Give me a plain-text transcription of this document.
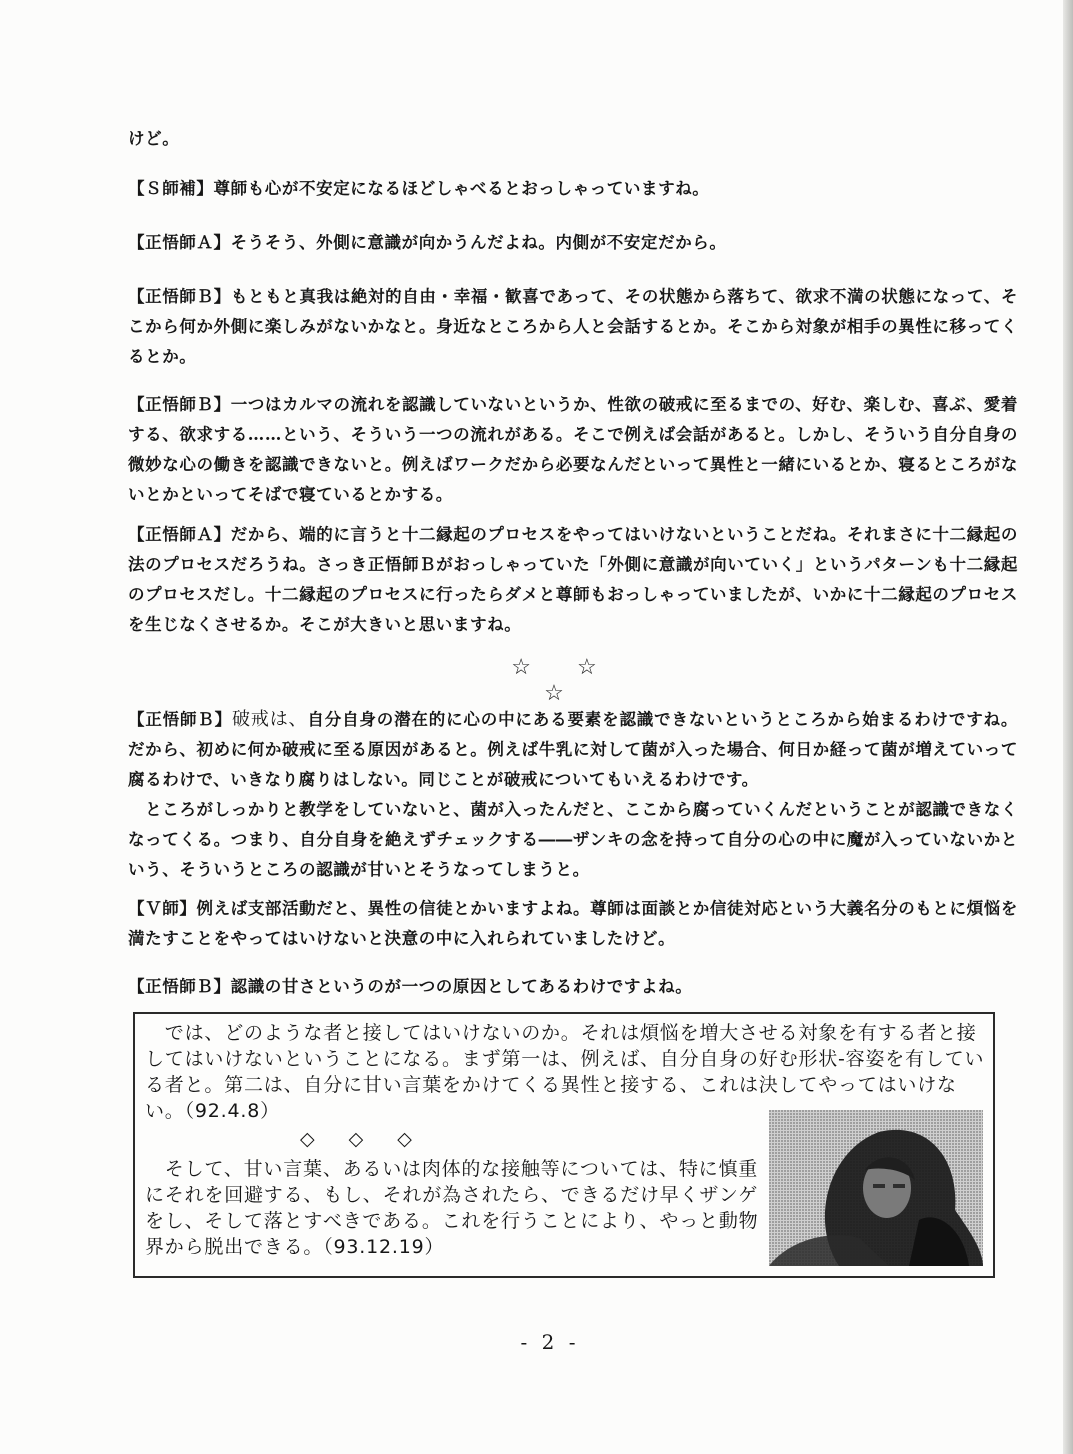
けど。

【Ｓ師補】尊師も心が不安定になるほどしゃべるとおっしゃっていますね。

【正悟師Ａ】そうそう、外側に意識が向かうんだよね。内側が不安定だから。

【正悟師Ｂ】もともと真我は絶対的自由・幸福・歓喜であって、その状態から落ちて、欲求不満の状態になって、そこから何か外側に楽しみがないかなと。身近なところから人と会話するとか。そこから対象が相手の異性に移ってくるとか。

【正悟師Ｂ】一つはカルマの流れを認識していないというか、性欲の破戒に至るまでの、好む、楽しむ、喜ぶ、愛着する、欲求する……という、そういう一つの流れがある。そこで例えば会話があると。しかし、そういう自分自身の微妙な心の働きを認識できないと。例えばワークだから必要なんだといって異性と一緒にいるとか、寝るところがないとかといってそばで寝ているとかする。

【正悟師Ａ】だから、端的に言うと十二縁起のプロセスをやってはいけないということだね。それまさに十二縁起の法のプロセスだろうね。さっき正悟師Ｂがおっしゃっていた「外側に意識が向いていく」というパターンも十二縁起のプロセスだし。十二縁起のプロセスに行ったらダメと尊師もおっしゃっていましたが、いかに十二縁起のプロセスを生じなくさせるか。そこが大きいと思いますね。

☆　☆　☆

【正悟師Ｂ】破戒は、自分自身の潜在的に心の中にある要素を認識できないというところから始まるわけですね。だから、初めに何か破戒に至る原因があると。例えば牛乳に対して菌が入った場合、何日か経って菌が増えていって腐るわけで、いきなり腐りはしない。同じことが破戒についてもいえるわけです。
　ところがしっかりと教学をしていないと、菌が入ったんだと、ここから腐っていくんだということが認識できなくなってくる。つまり、自分自身を絶えずチェックする――ザンキの念を持って自分の心の中に魔が入っていないかという、そういうところの認識が甘いとそうなってしまうと。

【Ｖ師】例えば支部活動だと、異性の信徒とかいますよね。尊師は面談とか信徒対応という大義名分のもとに煩悩を満たすことをやってはいけないと決意の中に入れられていましたけど。

【正悟師Ｂ】認識の甘さというのが一つの原因としてあるわけですよね。

　では、どのような者と接してはいけないのか。それは煩悩を増大させる対象を有する者と接してはいけないということになる。まず第一は、例えば、自分自身の好む形状-容姿を有している者と。第二は、自分に甘い言葉をかけてくる異性と接する、これは決してやってはいけない。（92.4.8）

◇◇◇

　そして、甘い言葉、あるいは肉体的な接触等については、特に慎重にそれを回避する、もし、それが為されたら、できるだけ早くザンゲをし、そして落とすべきである。これを行うことにより、やっと動物界から脱出できる。（93.12.19）

- 2 -
